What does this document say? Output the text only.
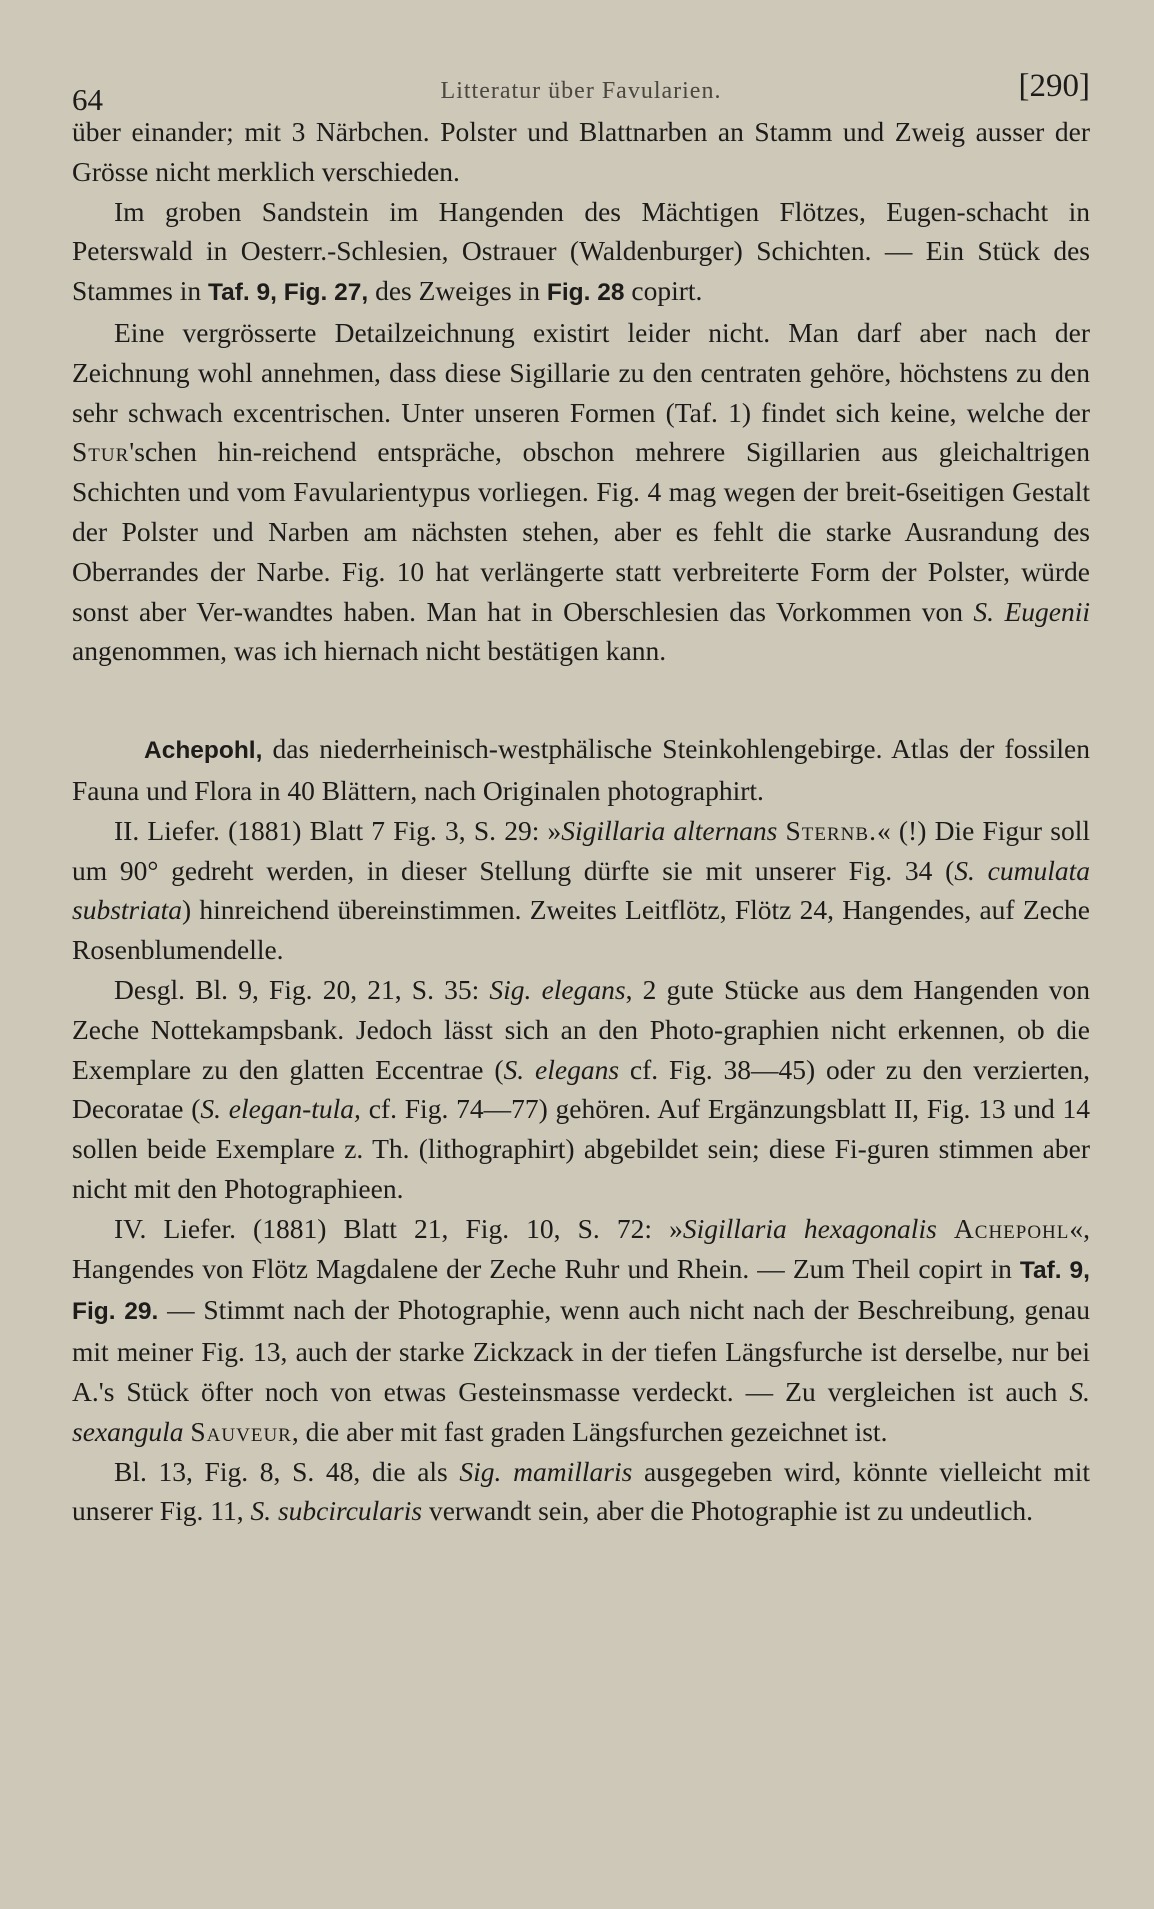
64	Litteratur über Favularien.	[290]

über einander; mit 3 Närbchen. Polster und Blattnarben an Stamm und Zweig ausser der Grösse nicht merklich verschieden.

Im groben Sandstein im Hangenden des Mächtigen Flötzes, Eugen-schacht in Peterswald in Oesterr.-Schlesien, Ostrauer (Waldenburger) Schichten. — Ein Stück des Stammes in Taf. 9, Fig. 27, des Zweiges in Fig. 28 copirt.

Eine vergrösserte Detailzeichnung existirt leider nicht. Man darf aber nach der Zeichnung wohl annehmen, dass diese Sigillarie zu den centraten gehöre, höchstens zu den sehr schwach excentrischen. Unter unseren Formen (Taf. 1) findet sich keine, welche der Stur'schen hin-reichend entspräche, obschon mehrere Sigillarien aus gleichaltrigen Schichten und vom Favularientypus vorliegen. Fig. 4 mag wegen der breit-6seitigen Gestalt der Polster und Narben am nächsten stehen, aber es fehlt die starke Ausrandung des Oberrandes der Narbe. Fig. 10 hat verlängerte statt verbreiterte Form der Polster, würde sonst aber Ver-wandtes haben. Man hat in Oberschlesien das Vorkommen von S. Eugenii angenommen, was ich hiernach nicht bestätigen kann.

Achepohl, das niederrheinisch-westphälische Steinkohlengebirge. Atlas der fossilen Fauna und Flora in 40 Blättern, nach Originalen photographirt.

II. Liefer. (1881) Blatt 7 Fig. 3, S. 29: »Sigillaria alternans Sternb.« (!) Die Figur soll um 90° gedreht werden, in dieser Stellung dürfte sie mit unserer Fig. 34 (S. cumulata substriata) hinreichend übereinstimmen. Zweites Leitflötz, Flötz 24, Hangendes, auf Zeche Rosenblumendelle.

Desgl. Bl. 9, Fig. 20, 21, S. 35: Sig. elegans, 2 gute Stücke aus dem Hangenden von Zeche Nottekampsbank. Jedoch lässt sich an den Photo-graphien nicht erkennen, ob die Exemplare zu den glatten Eccentrae (S. elegans cf. Fig. 38—45) oder zu den verzierten, Decoratae (S. elegan-tula, cf. Fig. 74—77) gehören. Auf Ergänzungsblatt II, Fig. 13 und 14 sollen beide Exemplare z. Th. (lithographirt) abgebildet sein; diese Fi-guren stimmen aber nicht mit den Photographieen.

IV. Liefer. (1881) Blatt 21, Fig. 10, S. 72: »Sigillaria hexagonalis Achepohl«, Hangendes von Flötz Magdalene der Zeche Ruhr und Rhein. — Zum Theil copirt in Taf. 9, Fig. 29. — Stimmt nach der Photographie, wenn auch nicht nach der Beschreibung, genau mit meiner Fig. 13, auch der starke Zickzack in der tiefen Längsfurche ist derselbe, nur bei A.'s Stück öfter noch von etwas Gesteinsmasse verdeckt. — Zu vergleichen ist auch S. sexangula Sauveur, die aber mit fast graden Längsfurchen gezeichnet ist.

Bl. 13, Fig. 8, S. 48, die als Sig. mamillaris ausgegeben wird, könnte vielleicht mit unserer Fig. 11, S. subcircularis verwandt sein, aber die Photographie ist zu undeutlich.
